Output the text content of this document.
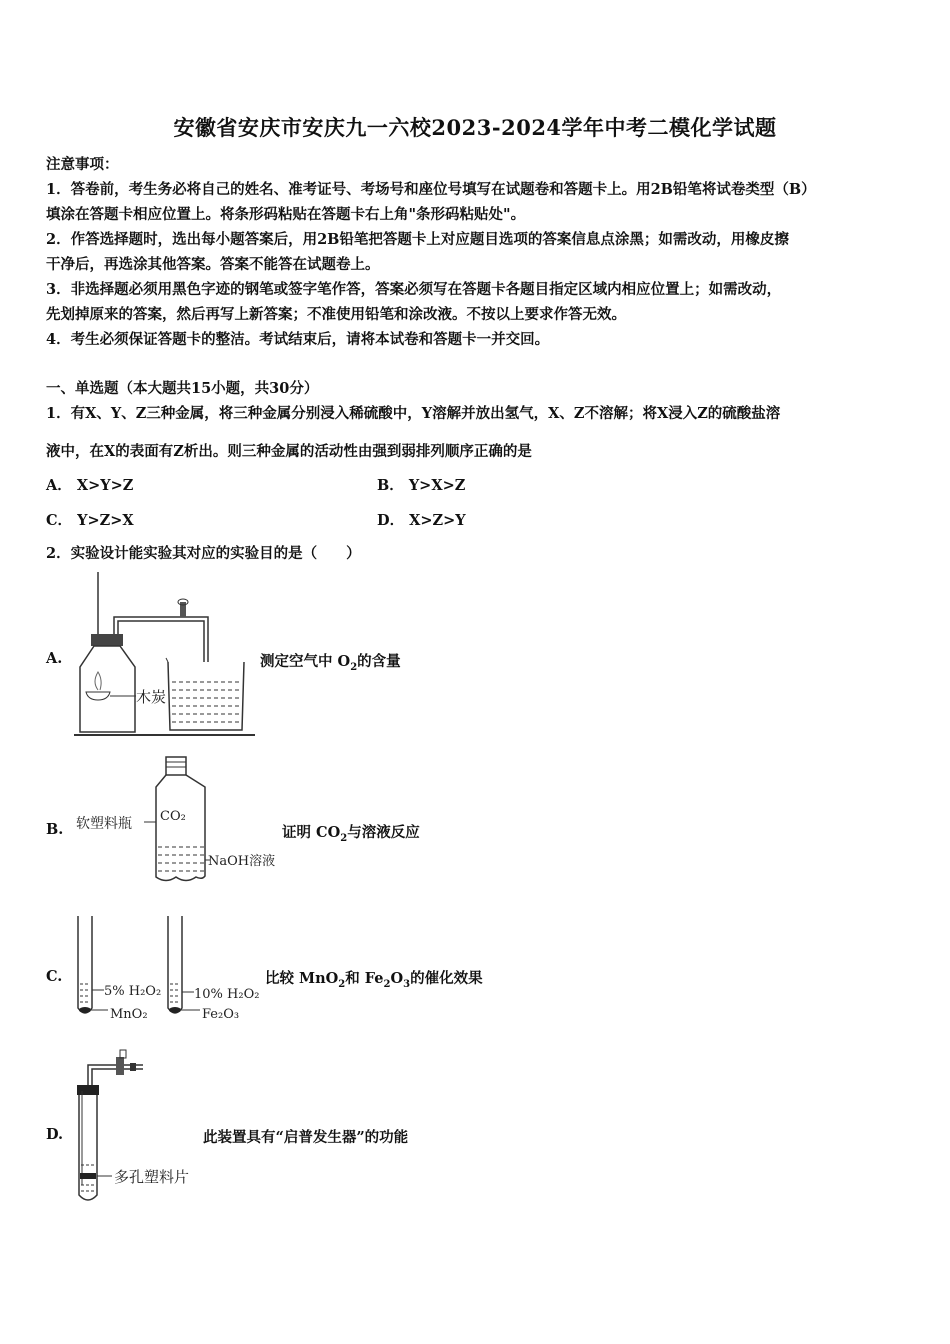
安徽省安庆市安庆九一六校2023-2024学年中考二模化学试题
注意事项：
1．答卷前，考生务必将自己的姓名、准考证号、考场号和座位号填写在试题卷和答题卡上。用2B铅笔将试卷类型（B）
填涂在答题卡相应位置上。将条形码粘贴在答题卡右上角"条形码粘贴处"。
2．作答选择题时，选出每小题答案后，用2B铅笔把答题卡上对应题目选项的答案信息点涂黑；如需改动，用橡皮擦
干净后，再选涂其他答案。答案不能答在试题卷上。
3．非选择题必须用黑色字迹的钢笔或签字笔作答，答案必须写在答题卡各题目指定区域内相应位置上；如需改动，
先划掉原来的答案，然后再写上新答案；不准使用铅笔和涂改液。不按以上要求作答无效。
4．考生必须保证答题卡的整洁。考试结束后，请将本试卷和答题卡一并交回。
一、单选题（本大题共15小题，共30分）
1．有X、Y、Z三种金属，将三种金属分别浸入稀硫酸中，Y溶解并放出氢气，X、Z不溶解；将X浸入Z的硫酸盐溶
液中，在X的表面有Z析出。则三种金属的活动性由强到弱排列顺序正确的是
A． X>Y>Z	B． Y>X>Z
C． Y>Z>X	D． X>Z>Y
2．实验设计能实验其对应的实验目的是（　　）
A.
木炭
测定空气中 $O_2$的含量
B.
CO₂
软塑料瓶
NaOH溶液
证明 $CO_2$与溶液反应
C.
5% H₂O₂
MnO₂
10% H₂O₂
Fe₂O₃
比较 MnO$_2$和 $Fe_2O_3$的催化效果
D.
多孔塑料片
此装置具有“启普发生器”的功能
